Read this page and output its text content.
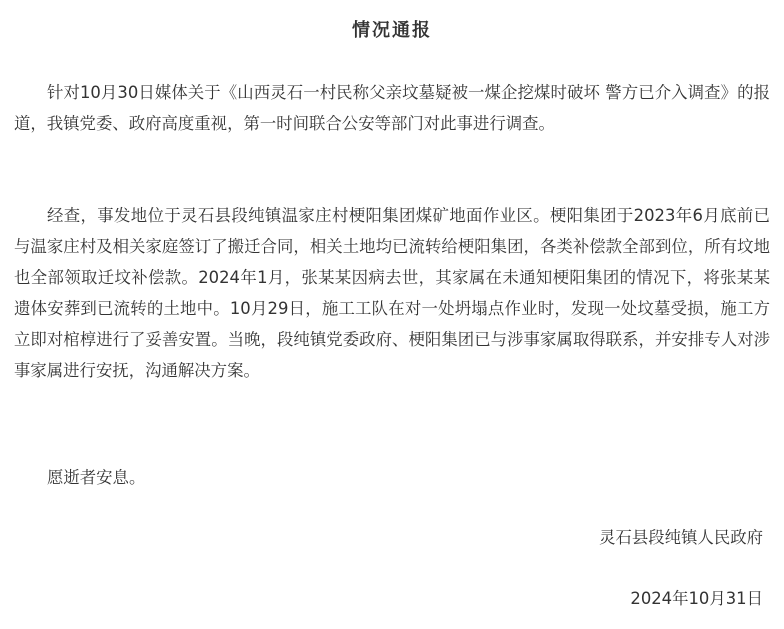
情况通报

针对10月30日媒体关于《山西灵石一村民称父亲坟墓疑被一煤企挖煤时破坏 警方已介入调查》的报道，我镇党委、政府高度重视，第一时间联合公安等部门对此事进行调查。

经查，事发地位于灵石县段纯镇温家庄村梗阳集团煤矿地面作业区。梗阳集团于2023年6月底前已与温家庄村及相关家庭签订了搬迁合同，相关土地均已流转给梗阳集团，各类补偿款全部到位，所有坟地也全部领取迁坟补偿款。2024年1月，张某某因病去世，其家属在未通知梗阳集团的情况下，将张某某遗体安葬到已流转的土地中。10月29日，施工工队在对一处坍塌点作业时，发现一处坟墓受损，施工方立即对棺椁进行了妥善安置。当晚，段纯镇党委政府、梗阳集团已与涉事家属取得联系，并安排专人对涉事家属进行安抚，沟通解决方案。

愿逝者安息。

灵石县段纯镇人民政府
2024年10月31日
